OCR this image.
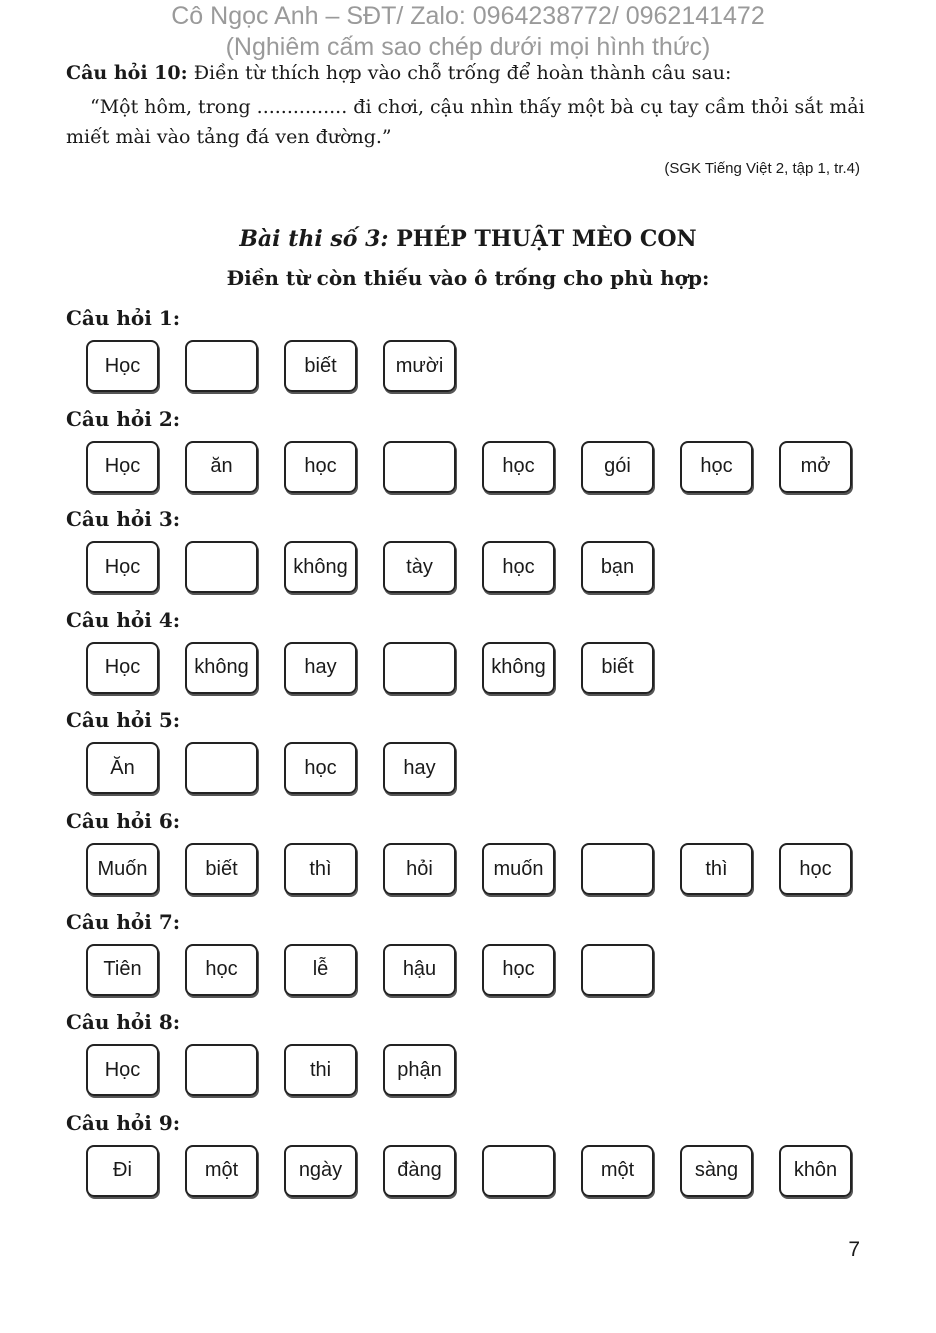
Cô Ngọc Anh – SĐT/ Zalo: 0964238772/ 0962141472
(Nghiêm cấm sao chép dưới mọi hình thức)
Câu hỏi 10: Điền từ thích hợp vào chỗ trống để hoàn thành câu sau:
“Một hôm, trong ............... đi chơi, cậu nhìn thấy một bà cụ tay cầm thỏi sắt mải miết mài vào tảng đá ven đường.”
(SGK Tiếng Việt 2, tập 1, tr.4)
Bài thi số 3: PHÉP THUẬT MÈO CON
Điền từ còn thiếu vào ô trống cho phù hợp:
Câu hỏi 1:
Học	biết	mười
Câu hỏi 2:
Học	ăn	học	học	gói	học	mở
Câu hỏi 3:
Học	không	tày	học	bạn
Câu hỏi 4:
Học	không	hay	không	biết
Câu hỏi 5:
Ăn	học	hay
Câu hỏi 6:
Muốn	biết	thì	hỏi	muốn	thì	học
Câu hỏi 7:
Tiên	học	lễ	hậu	học
Câu hỏi 8:
Học	thi	phận
Câu hỏi 9:
Đi	một	ngày	đàng	một	sàng	khôn
7
